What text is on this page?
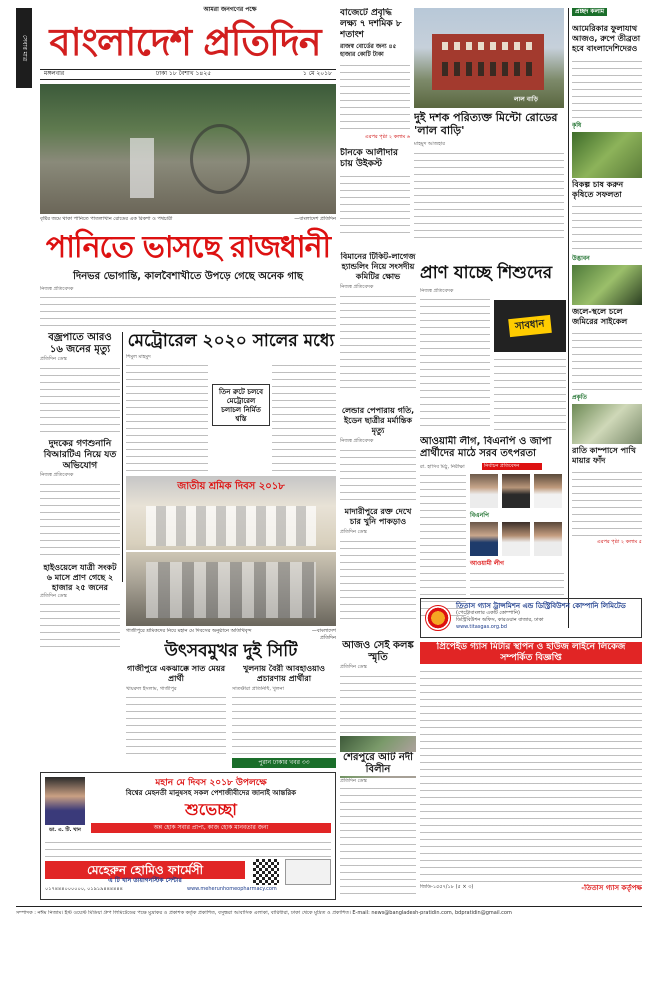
সেবার মাত্র
আমরা জনগণের পক্ষে
বাংলাদেশ প্রতিদিন
মঙ্গলবার	ঢাকা ১৮ বৈশাখ ১৪২৫	১ মে ২০১৮
বাজেটে প্রবৃদ্ধি লক্ষ্য ৭ দশমিক ৮ শতাংশ
রাজস্ব বোর্ডের জন্য ৪৫ হাজার কোটি টাকা
এরপর পৃষ্ঠা ২ কলাম ৬
চীনকে আলীদার চায় উইকস্ট
লাল বাড়ি
দুই দশক পরিত্যক্ত মিন্টো রোডের 'লাল বাড়ি'
মাহমুদ আজহার
প্রচ্ছদ কলাম
আমেরিকার ফুলাযাথ আজও, রুপে তীব্রতা হবে বাংলাদেশিদেরও
কৃষি
বিকল্প চাষ করুন কৃষিতে সফলতা
উদ্ভাবন
জলে-স্থলে চলে জমিরের সাইকেল
প্রকৃতি
রাতি কাম্পাসে পাখি মায়ার ফাঁদ
এরপর পৃষ্ঠা ২ কলাম ৫
বৃষ্টির জমে থাকা পানিতে পাতলাখান রোডের এক রিকশা ও পথচারী	—বাংলাদেশ প্রতিদিন
পানিতে ভাসছে রাজধানী
দিনভর ভোগান্তি, কালবৈশাখীতে উপড়ে গেছে অনেক গাছ
নিজস্ব প্রতিবেদক
বজ্রপাতে আরও ১৬ জনের মৃত্যু
প্রতিদিন ডেস্ক
দুদকের গণশুনানি বিআরটিএ নিয়ে যত অভিযোগ
নিজস্ব প্রতিবেদক
হাইওয়েলে যাত্রী সংকট ৬ মাসে প্রাণ গেছে ২ হাজার ২৫ জনের
প্রতিদিন ডেস্ক
মেট্রোরেল ২০২০ সালের মধ্যে
শিমুল মাহমুদ
তিন রুটে চলবে মেট্রোরেল চলাচল নির্মিত শ্বস্তি
জাতীয় শ্রমিক দিবস ২০১৮
গাজীপুরে শ্রমিকদের নিয়ে মহান মে দিবসের অনুষ্ঠানে অতিথিবৃন্দ	—বাংলাদেশ প্রতিদিন
প্রাণ যাচ্ছে শিশুদের
নিজস্ব প্রতিবেদক
সাবধান
বিমানের টিকিট-লাগেজ হ্যান্ডলিং নিয়ে সংসদীয় কমিটির ক্ষোভ
নিজস্ব প্রতিবেদক
লেন্ডার পেপারায় গতি, ইডেন ছাত্রীর মর্মান্তিক মৃত্যু
নিজস্ব প্রতিবেদক
মাদারীপুরে রক্ত দেখে চার খুনি পাকড়াও
প্রতিদিন ডেস্ক
আওয়ামী লীগ, বিএনপি ও জাপা প্রার্থীদের মাঠে সরব তৎপরতা
রা. হাসিব মিঠু, নিরীক্ষা	নির্বাচন প্রতিবেদন
বিএনপি
আওয়ামী লীগ
তিতাস গ্যাস ট্রান্সমিশন এন্ড ডিস্ট্রিবিউশন কোম্পানি লিমিটেড
(পেট্রোবাংলার একটি কোম্পানি)
ডিস্ট্রিবিউশন অফিস, কারওয়ান বাজার, ঢাকা
www.titasgas.org.bd
উৎসবমুখর দুই সিটি
গাজীপুরে একঝাক্কে সাত মেয়র প্রার্থী
খুলনায় বৈরী আবহাওয়াও প্রচারণায় প্রার্থীরা
খায়রুল ইসলাম, গাজীপুর	সাতক্ষীরা প্রতিনিধি, খুলনা
পুরান ঢাকার খবর ৩৩
ডা. এ. টি. খান
মহান মে দিবস ২০১৮ উপলক্ষে
বিশ্বের মেহনতী মানুষসহ সকল পেশাজীবীদের জানাই আন্তরিক
শুভেচ্ছা
অন্ন হোক সবার প্রাপ্য, কাজ হোক মানবতার জন্য
মেহেরুন হোমিও ফার্মেসী
এ টি খান ডায়াগনস্টিক সেন্টার
০১৭৪৪৪০০০০০০, ০১৯১৯৪৪৪৪৪৪	www.meherunhomeopharmacy.com
আজও সেই কলঙ্ক স্মৃতি
প্রতিদিন ডেস্ক
প্রিপেইড গ্যাস মিটার স্থাপন ও হাউজ লাইনে লিকেজ সম্পর্কিত বিজ্ঞপ্তি
জিডি-১৫৫৭/১৮ (৫ × ৩)	-তিতাস গ্যাস কর্তৃপক্ষ
শেরপুরে আট নদী বিলীন
প্রতিদিন ডেস্ক
সম্পাদক : নঈম নিজাম। ইস্ট ওয়েস্ট মিডিয়া গ্রুপ লিমিটেডের পক্ষে মুদ্রাকর ও প্রকাশক কর্তৃক প্রকাশিত, বসুন্ধরা আবাসিক এলাকা, বারিধারা, ঢাকা থেকে মুদ্রিত ও প্রকাশিত। E-mail: news@bangladesh-pratidin.com, bdpratidin@gmail.com
